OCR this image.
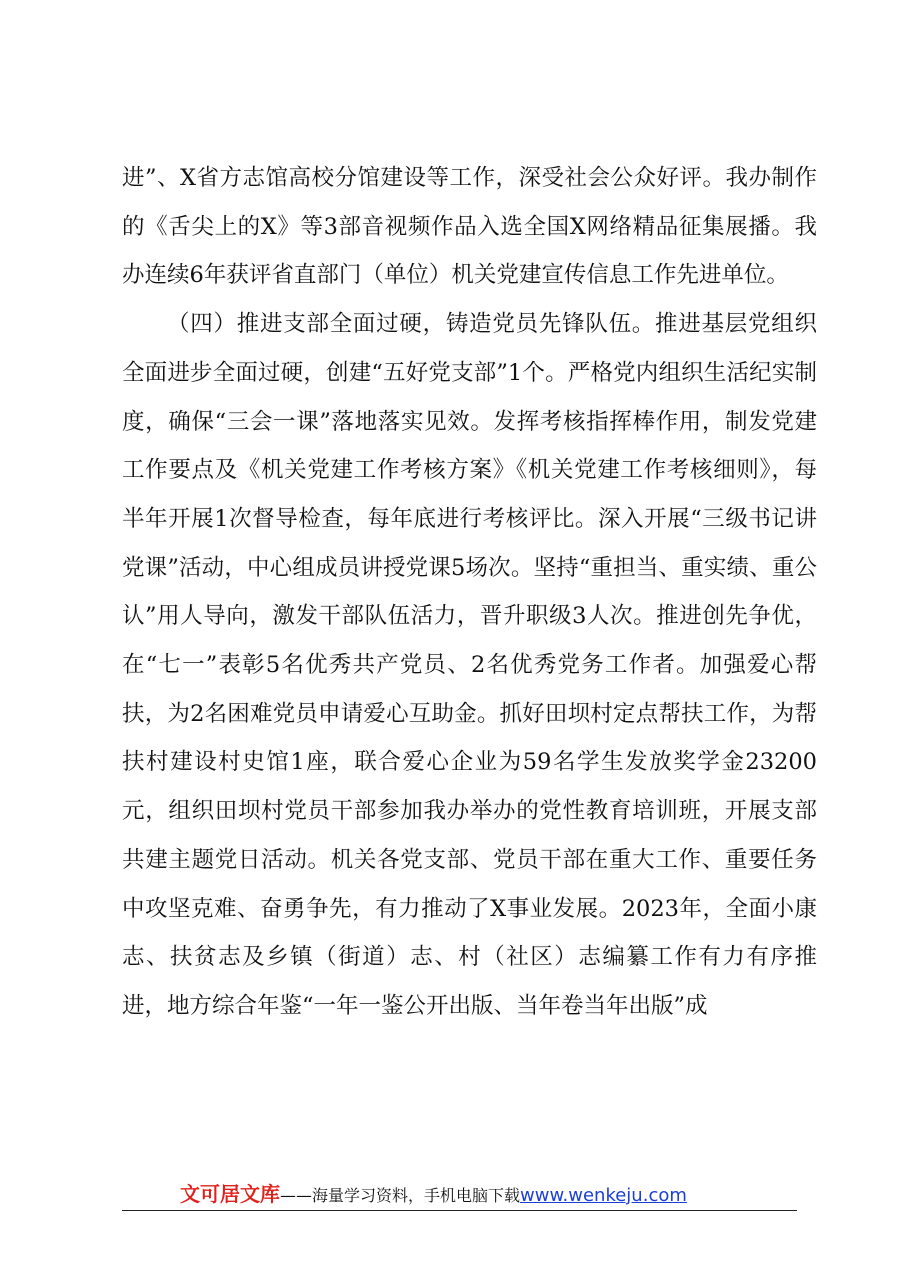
进”、X省方志馆高校分馆建设等工作，深受社会公众好评。我办制作的《舌尖上的X》等3部音视频作品入选全国X网络精品征集展播。我办连续6年获评省直部门（单位）机关党建宣传信息工作先进单位。

（四）推进支部全面过硬，铸造党员先锋队伍。推进基层党组织全面进步全面过硬，创建“五好党支部”1个。严格党内组织生活纪实制度，确保“三会一课”落地落实见效。发挥考核指挥棒作用，制发党建工作要点及《机关党建工作考核方案》《机关党建工作考核细则》，每半年开展1次督导检查，每年底进行考核评比。深入开展“三级书记讲党课”活动，中心组成员讲授党课5场次。坚持“重担当、重实绩、重公认”用人导向，激发干部队伍活力，晋升职级3人次。推进创先争优，在“七一”表彰5名优秀共产党员、2名优秀党务工作者。加强爱心帮扶，为2名困难党员申请爱心互助金。抓好田坝村定点帮扶工作，为帮扶村建设村史馆1座，联合爱心企业为59名学生发放奖学金23200元，组织田坝村党员干部参加我办举办的党性教育培训班，开展支部共建主题党日活动。机关各党支部、党员干部在重大工作、重要任务中攻坚克难、奋勇争先，有力推动了X事业发展。2023年，全面小康志、扶贫志及乡镇（街道）志、村（社区）志编纂工作有力有序推进，地方综合年鉴“一年一鉴公开出版、当年卷当年出版”成

文可居文库——海量学习资料，手机电脑下载www.wenkeju.com
